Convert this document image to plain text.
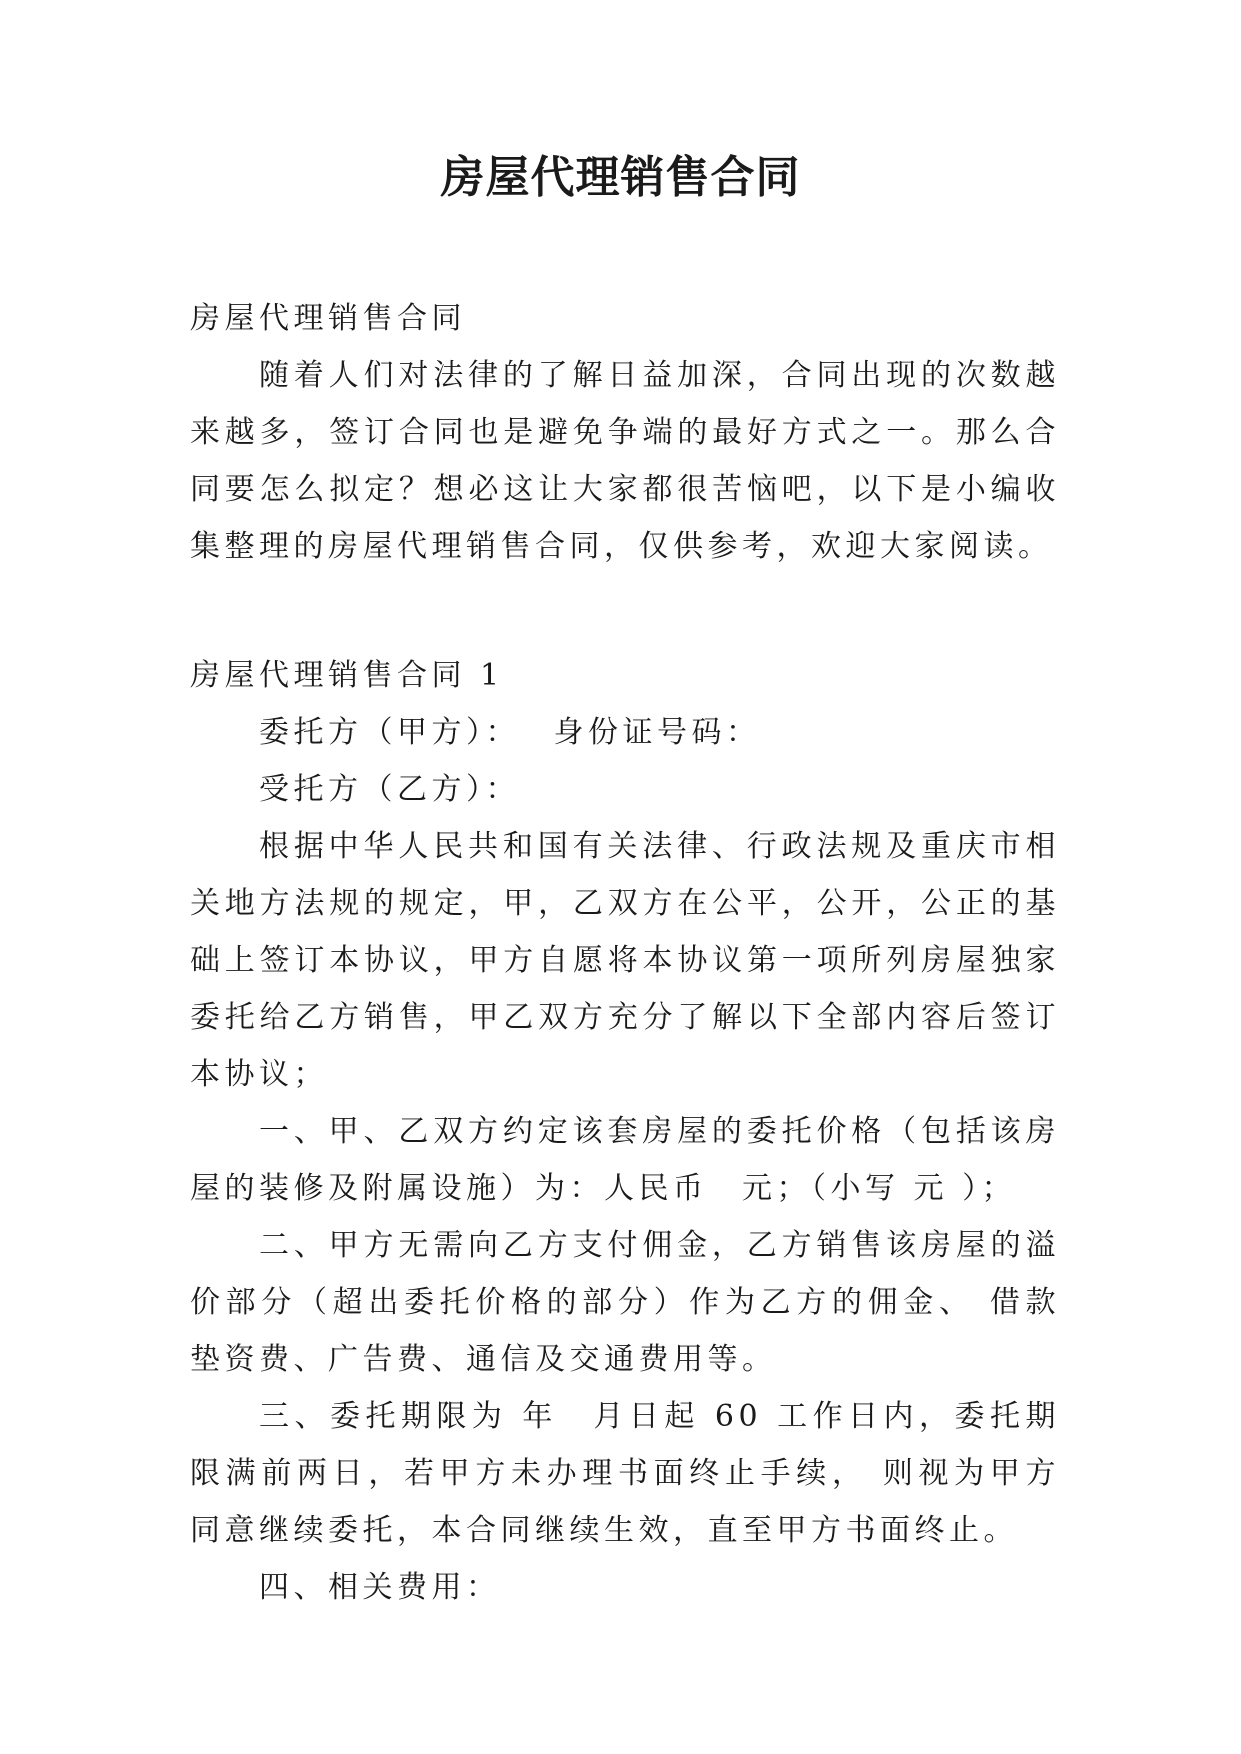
房屋代理销售合同

房屋代理销售合同

随着人们对法律的了解日益加深，合同出现的次数越来越多，签订合同也是避免争端的最好方式之一。那么合同要怎么拟定？想必这让大家都很苦恼吧，以下是小编收集整理的房屋代理销售合同，仅供参考，欢迎大家阅读。

房屋代理销售合同 1

委托方（甲方）：　 身份证号码：

受托方（乙方）：

根据中华人民共和国有关法律、行政法规及重庆市相关地方法规的规定，甲，乙双方在公平，公开，公正的基础上签订本协议，甲方自愿将本协议第一项所列房屋独家委托给乙方销售，甲乙双方充分了解以下全部内容后签订本协议；

一、甲、乙双方约定该套房屋的委托价格（包括该房屋的装修及附属设施）为：人民币　元；（小写 元 ）；

二、甲方无需向乙方支付佣金，乙方销售该房屋的溢价部分（超出委托价格的部分）作为乙方的佣金、 借款垫资费、广告费、通信及交通费用等。

三、委托期限为 年　月日起 60 工作日内，委托期限满前两日，若甲方未办理书面终止手续， 则视为甲方同意继续委托，本合同继续生效，直至甲方书面终止。

四、相关费用：
